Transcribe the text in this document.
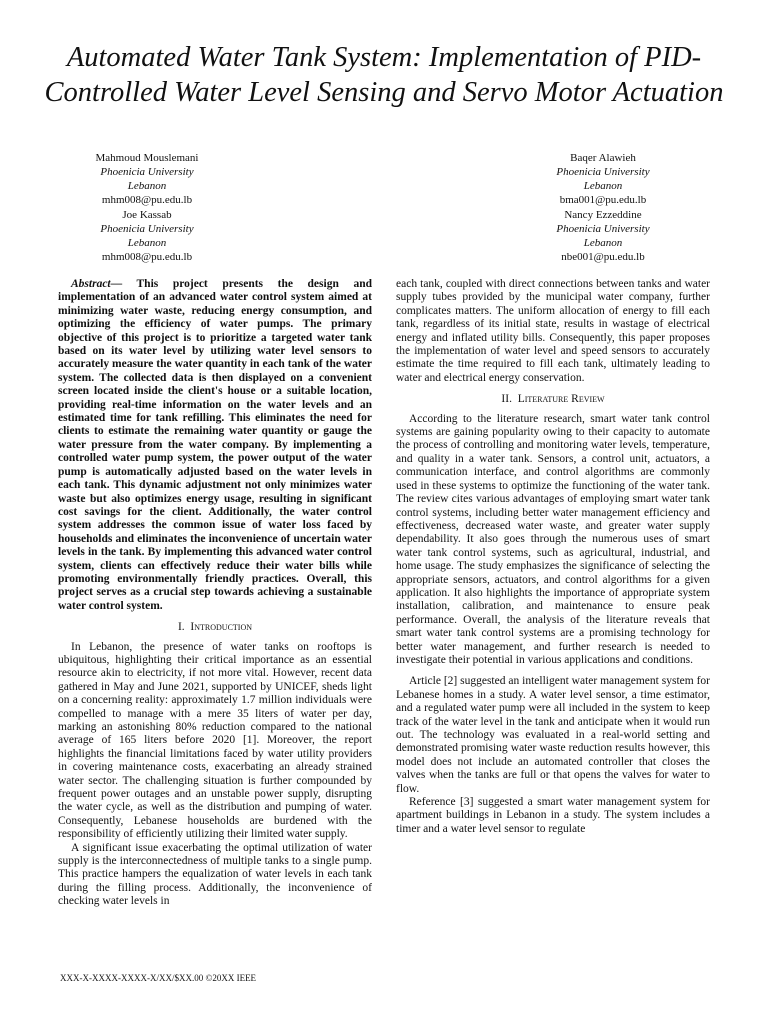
Automated Water Tank System: Implementation of PID-Controlled Water Level Sensing and Servo Motor Actuation
Mahmoud Mouslemani
Phoenicia University
Lebanon
mhm008@pu.edu.lb
Baqer Alawieh
Phoenicia University
Lebanon
bma001@pu.edu.lb
Joe Kassab
Phoenicia University
Lebanon
mhm008@pu.edu.lb
Nancy Ezzeddine
Phoenicia University
Lebanon
nbe001@pu.edu.lb

Abstract— This project presents the design and implementation of an advanced water control system aimed at minimizing water waste, reducing energy consumption, and optimizing the efficiency of water pumps. The primary objective of this project is to prioritize a targeted water tank based on its water level by utilizing water level sensors to accurately measure the water quantity in each tank of the water system. The collected data is then displayed on a convenient screen located inside the client's house or a suitable location, providing real-time information on the water levels and an estimated time for tank refilling. This eliminates the need for clients to estimate the remaining water quantity or gauge the water pressure from the water company. By implementing a controlled water pump system, the power output of the water pump is automatically adjusted based on the water levels in each tank. This dynamic adjustment not only minimizes water waste but also optimizes energy usage, resulting in significant cost savings for the client. Additionally, the water control system addresses the common issue of water loss faced by households and eliminates the inconvenience of uncertain water levels in the tank. By implementing this advanced water control system, clients can effectively reduce their water bills while promoting environmentally friendly practices. Overall, this project serves as a crucial step towards achieving a sustainable water control system.

I. Introduction

In Lebanon, the presence of water tanks on rooftops is ubiquitous, highlighting their critical importance as an essential resource akin to electricity, if not more vital. However, recent data gathered in May and June 2021, supported by UNICEF, sheds light on a concerning reality: approximately 1.7 million individuals were compelled to manage with a mere 35 liters of water per day, marking an astonishing 80% reduction compared to the national average of 165 liters before 2020 [1]. Moreover, the report highlights the financial limitations faced by water utility providers in covering maintenance costs, exacerbating an already strained water sector. The challenging situation is further compounded by frequent power outages and an unstable power supply, disrupting the water cycle, as well as the distribution and pumping of water. Consequently, Lebanese households are burdened with the responsibility of efficiently utilizing their limited water supply.

A significant issue exacerbating the optimal utilization of water supply is the interconnectedness of multiple tanks to a single pump. This practice hampers the equalization of water levels in each tank during the filling process. Additionally, the inconvenience of checking water levels in

each tank, coupled with direct connections between tanks and water supply tubes provided by the municipal water company, further complicates matters. The uniform allocation of energy to fill each tank, regardless of its initial state, results in wastage of electrical energy and inflated utility bills. Consequently, this paper proposes the implementation of water level and speed sensors to accurately estimate the time required to fill each tank, ultimately leading to water and electrical energy conservation.

II. Literature Review

According to the literature research, smart water tank control systems are gaining popularity owing to their capacity to automate the process of controlling and monitoring water levels, temperature, and quality in a water tank. Sensors, a control unit, actuators, a communication interface, and control algorithms are commonly used in these systems to optimize the functioning of the water tank. The review cites various advantages of employing smart water tank control systems, including better water management efficiency and effectiveness, decreased water waste, and greater water supply dependability. It also goes through the numerous uses of smart water tank control systems, such as agricultural, industrial, and home usage. The study emphasizes the significance of selecting the appropriate sensors, actuators, and control algorithms for a given application. It also highlights the importance of appropriate system installation, calibration, and maintenance to ensure peak performance. Overall, the analysis of the literature reveals that smart water tank control systems are a promising technology for better water management, and further research is needed to investigate their potential in various applications and conditions.

Article [2] suggested an intelligent water management system for Lebanese homes in a study. A water level sensor, a time estimator, and a regulated water pump were all included in the system to keep track of the water level in the tank and anticipate when it would run out. The technology was evaluated in a real-world setting and demonstrated promising water waste reduction results however, this model does not include an automated controller that closes the valves when the tanks are full or that opens the valves for water to flow.

Reference [3] suggested a smart water management system for apartment buildings in Lebanon in a study. The system includes a timer and a water level sensor to regulate

XXX-X-XXXX-XXXX-X/XX/$XX.00 ©20XX IEEE
